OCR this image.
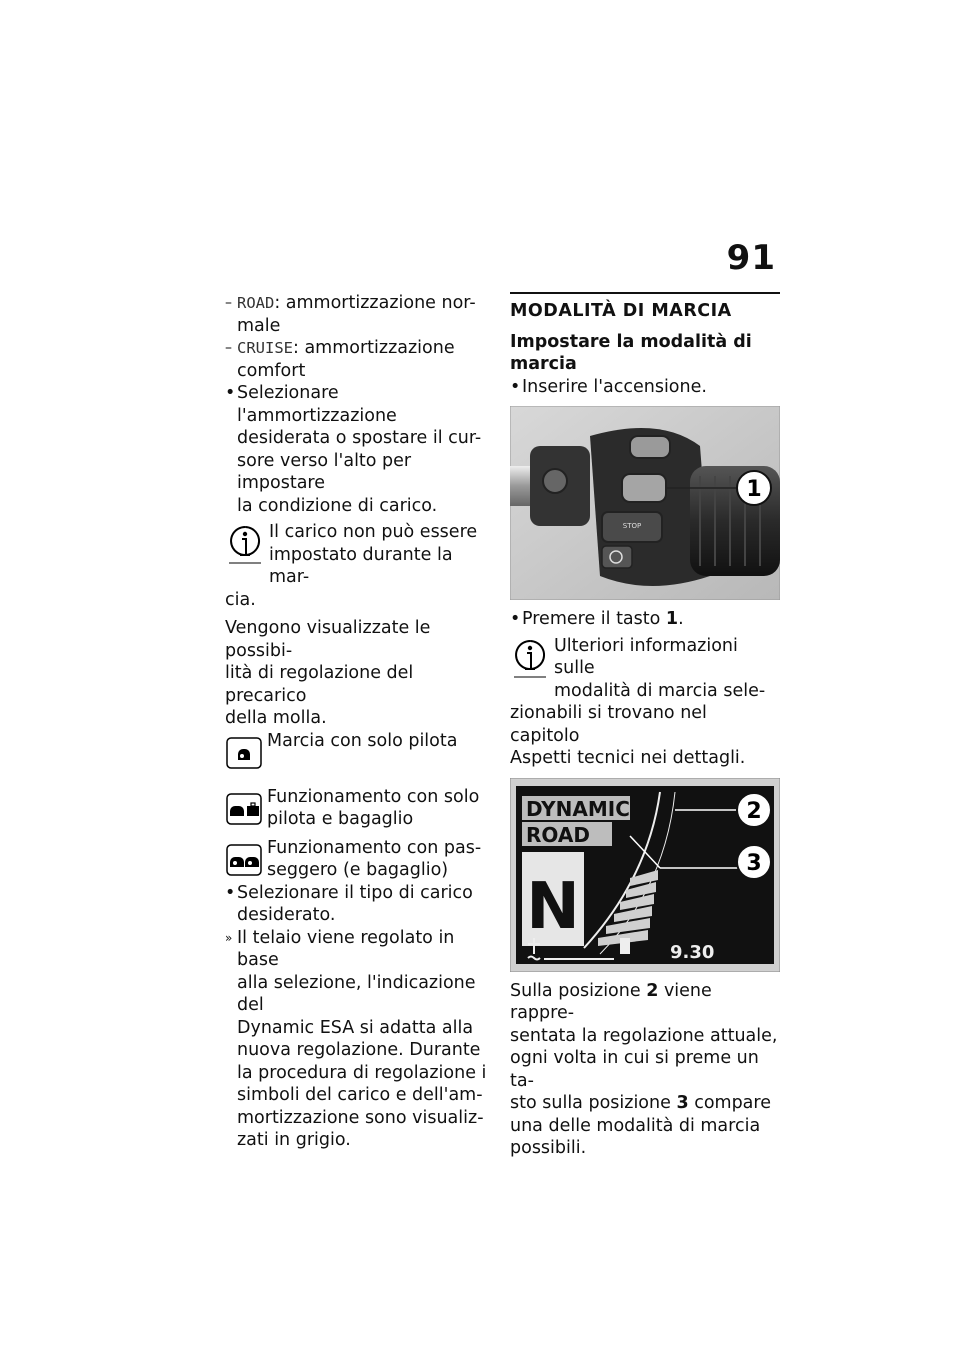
91
– ROAD: ammortizzazione nor-
male
– CRUISE: ammortizzazione
comfort
• Selezionare l'ammortizzazione
desiderata o spostare il cur-
sore verso l'alto per impostare
la condizione di carico.
Il carico non può essere
impostato durante la mar-
cia.
Vengono visualizzate le possibi-
lità di regolazione del precarico
della molla.
Marcia con solo pilota
Funzionamento con solo
pilota e bagaglio
Funzionamento con pas-
seggero (e bagaglio)
• Selezionare il tipo di carico
desiderato.
» Il telaio viene regolato in base
alla selezione, l'indicazione del
Dynamic ESA si adatta alla
nuova regolazione. Durante
la procedura di regolazione i
simboli del carico e dell'am-
mortizzazione sono visualiz-
zati in grigio.
MODALITÀ DI MARCIA
Impostare la modalità di
marcia
• Inserire l'accensione.
STOP
1
• Premere il tasto 1.
Ulteriori informazioni sulle
modalità di marcia sele-
zionabili si trovano nel capitolo
Aspetti tecnici nei dettagli.
DYNAMIC
ROAD
N
2
3
9.30
Sulla posizione 2 viene rappre-
sentata la regolazione attuale,
ogni volta in cui si preme un ta-
sto sulla posizione 3 compare
una delle modalità di marcia
possibili.
